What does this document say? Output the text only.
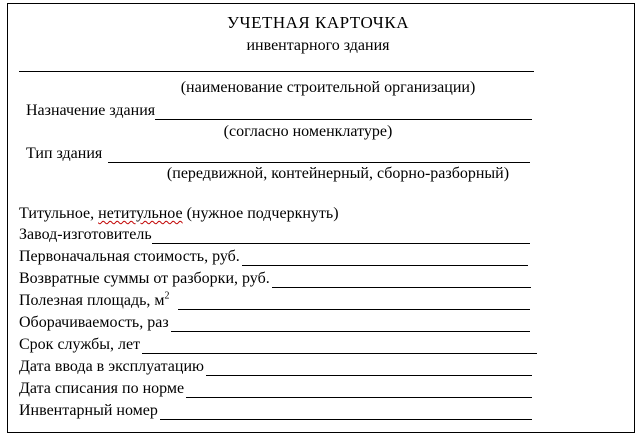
УЧЕТНАЯ КАРТОЧКА
инвентарного здания
(наименование строительной организации)
Назначение здания
(согласно номенклатуре)
Тип здания
(передвижной, контейнерный, сборно-разборный)
Титульное, нетитульное (нужное подчеркнуть)
Завод-изготовитель
Первоначальная стоимость, руб.
Возвратные суммы от разборки, руб.
Полезная площадь, $м^2$
Оборачиваемость, раз
Срок службы, лет
Дата ввода в эксплуатацию
Дата списания по норме
Инвентарный номер
